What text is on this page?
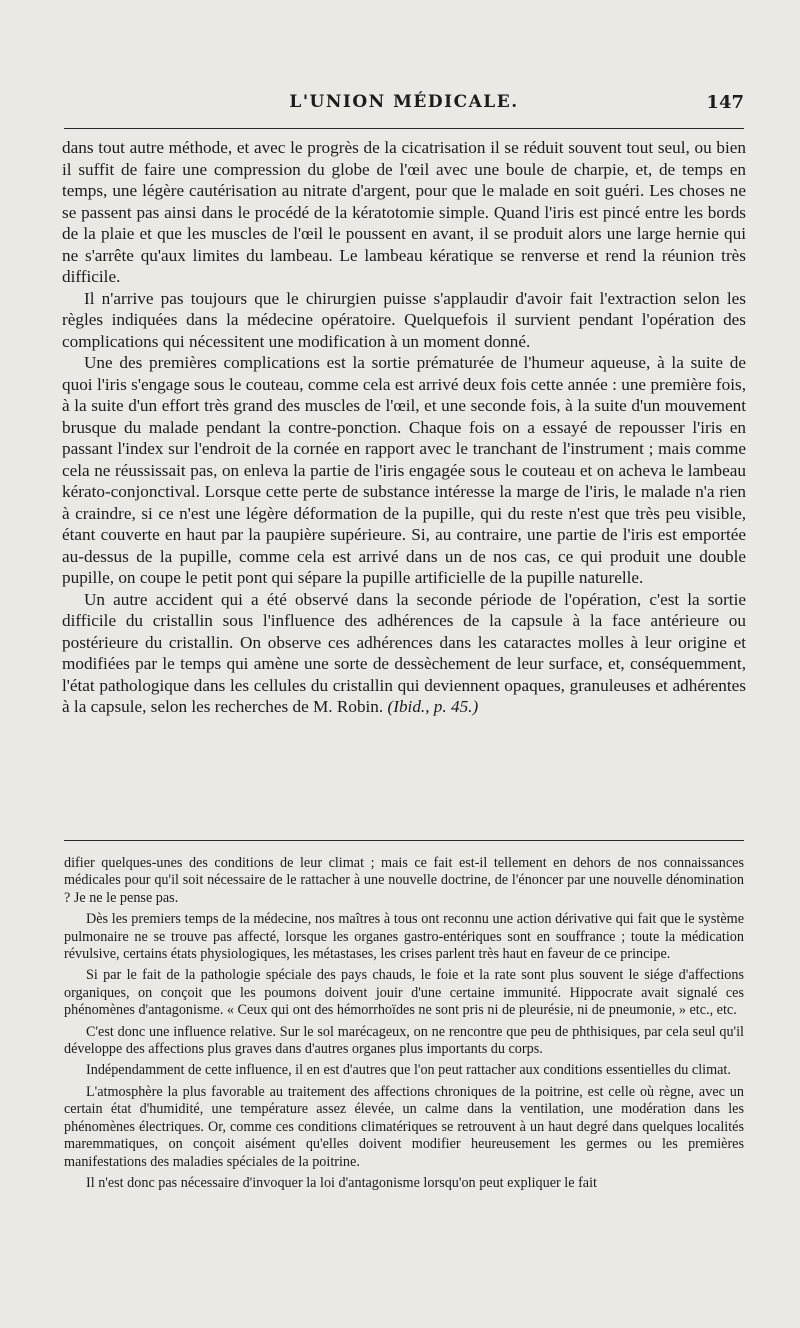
L'UNION MÉDICALE.	147

dans tout autre méthode, et avec le progrès de la cicatrisation il se réduit souvent tout seul, ou bien il suffit de faire une compression du globe de l'œil avec une boule de charpie, et, de temps en temps, une légère cautérisation au nitrate d'argent, pour que le malade en soit guéri. Les choses ne se passent pas ainsi dans le procédé de la kératotomie simple. Quand l'iris est pincé entre les bords de la plaie et que les muscles de l'œil le poussent en avant, il se produit alors une large hernie qui ne s'arrête qu'aux limites du lambeau. Le lambeau kératique se renverse et rend la réunion très difficile.

Il n'arrive pas toujours que le chirurgien puisse s'applaudir d'avoir fait l'extraction selon les règles indiquées dans la médecine opératoire. Quelquefois il survient pendant l'opération des complications qui nécessitent une modification à un moment donné.

Une des premières complications est la sortie prématurée de l'humeur aqueuse, à la suite de quoi l'iris s'engage sous le couteau, comme cela est arrivé deux fois cette année : une première fois, à la suite d'un effort très grand des muscles de l'œil, et une seconde fois, à la suite d'un mouvement brusque du malade pendant la contre-ponction. Chaque fois on a essayé de repousser l'iris en passant l'index sur l'endroit de la cornée en rapport avec le tranchant de l'instrument ; mais comme cela ne réussissait pas, on enleva la partie de l'iris engagée sous le couteau et on acheva le lambeau kérato-conjonctival. Lorsque cette perte de substance intéresse la marge de l'iris, le malade n'a rien à craindre, si ce n'est une légère déformation de la pupille, qui du reste n'est que très peu visible, étant couverte en haut par la paupière supérieure. Si, au contraire, une partie de l'iris est emportée au-dessus de la pupille, comme cela est arrivé dans un de nos cas, ce qui produit une double pupille, on coupe le petit pont qui sépare la pupille artificielle de la pupille naturelle.

Un autre accident qui a été observé dans la seconde période de l'opération, c'est la sortie difficile du cristallin sous l'influence des adhérences de la capsule à la face antérieure ou postérieure du cristallin. On observe ces adhérences dans les cataractes molles à leur origine et modifiées par le temps qui amène une sorte de dessèchement de leur surface, et, conséquemment, l'état pathologique dans les cellules du cristallin qui deviennent opaques, granuleuses et adhérentes à la capsule, selon les recherches de M. Robin. (Ibid., p. 45.)

difier quelques-unes des conditions de leur climat ; mais ce fait est-il tellement en dehors de nos connaissances médicales pour qu'il soit nécessaire de le rattacher à une nouvelle doctrine, de l'énoncer par une nouvelle dénomination ? Je ne le pense pas.

Dès les premiers temps de la médecine, nos maîtres à tous ont reconnu une action dérivative qui fait que le système pulmonaire ne se trouve pas affecté, lorsque les organes gastro-entériques sont en souffrance ; toute la médication révulsive, certains états physiologiques, les métastases, les crises parlent très haut en faveur de ce principe.

Si par le fait de la pathologie spéciale des pays chauds, le foie et la rate sont plus souvent le siége d'affections organiques, on conçoit que les poumons doivent jouir d'une certaine immunité. Hippocrate avait signalé ces phénomènes d'antagonisme. « Ceux qui ont des hémorrhoïdes ne sont pris ni de pleurésie, ni de pneumonie, » etc., etc.

C'est donc une influence relative. Sur le sol marécageux, on ne rencontre que peu de phthisiques, par cela seul qu'il développe des affections plus graves dans d'autres organes plus importants du corps.

Indépendamment de cette influence, il en est d'autres que l'on peut rattacher aux conditions essentielles du climat.

L'atmosphère la plus favorable au traitement des affections chroniques de la poitrine, est celle où règne, avec un certain état d'humidité, une température assez élevée, un calme dans la ventilation, une modération dans les phénomènes électriques. Or, comme ces conditions climatériques se retrouvent à un haut degré dans quelques localités maremmatiques, on conçoit aisément qu'elles doivent modifier heureusement les germes ou les premières manifestations des maladies spéciales de la poitrine.

Il n'est donc pas nécessaire d'invoquer la loi d'antagonisme lorsqu'on peut expliquer le fait
